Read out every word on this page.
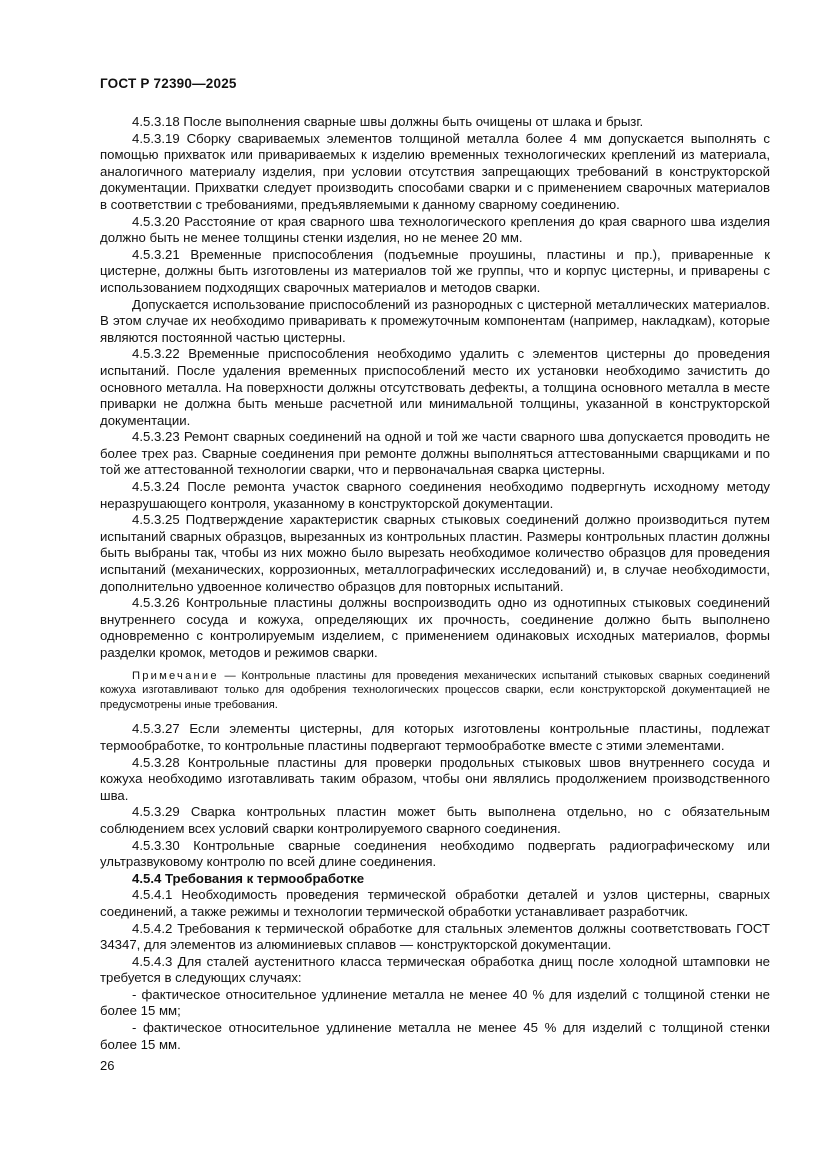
ГОСТ Р 72390—2025

4.5.3.18 После выполнения сварные швы должны быть очищены от шлака и брызг.

4.5.3.19 Сборку свариваемых элементов толщиной металла более 4 мм допускается выполнять с помощью прихваток или привариваемых к изделию временных технологических креплений из материала, аналогичного материалу изделия, при условии отсутствия запрещающих требований в конструкторской документации. Прихватки следует производить способами сварки и с применением сварочных материалов в соответствии с требованиями, предъявляемыми к данному сварному соединению.

4.5.3.20 Расстояние от края сварного шва технологического крепления до края сварного шва изделия должно быть не менее толщины стенки изделия, но не менее 20 мм.

4.5.3.21 Временные приспособления (подъемные проушины, пластины и пр.), приваренные к цистерне, должны быть изготовлены из материалов той же группы, что и корпус цистерны, и приварены с использованием подходящих сварочных материалов и методов сварки.

Допускается использование приспособлений из разнородных с цистерной металлических материалов. В этом случае их необходимо приваривать к промежуточным компонентам (например, накладкам), которые являются постоянной частью цистерны.

4.5.3.22 Временные приспособления необходимо удалить с элементов цистерны до проведения испытаний. После удаления временных приспособлений место их установки необходимо зачистить до основного металла. На поверхности должны отсутствовать дефекты, а толщина основного металла в месте приварки не должна быть меньше расчетной или минимальной толщины, указанной в конструкторской документации.

4.5.3.23 Ремонт сварных соединений на одной и той же части сварного шва допускается проводить не более трех раз. Сварные соединения при ремонте должны выполняться аттестованными сварщиками и по той же аттестованной технологии сварки, что и первоначальная сварка цистерны.

4.5.3.24 После ремонта участок сварного соединения необходимо подвергнуть исходному методу неразрушающего контроля, указанному в конструкторской документации.

4.5.3.25 Подтверждение характеристик сварных стыковых соединений должно производиться путем испытаний сварных образцов, вырезанных из контрольных пластин. Размеры контрольных пластин должны быть выбраны так, чтобы из них можно было вырезать необходимое количество образцов для проведения испытаний (механических, коррозионных, металлографических исследований) и, в случае необходимости, дополнительно удвоенное количество образцов для повторных испытаний.

4.5.3.26 Контрольные пластины должны воспроизводить одно из однотипных стыковых соединений внутреннего сосуда и кожуха, определяющих их прочность, соединение должно быть выполнено одновременно с контролируемым изделием, с применением одинаковых исходных материалов, формы разделки кромок, методов и режимов сварки.

Примечание — Контрольные пластины для проведения механических испытаний стыковых сварных соединений кожуха изготавливают только для одобрения технологических процессов сварки, если конструкторской документацией не предусмотрены иные требования.

4.5.3.27 Если элементы цистерны, для которых изготовлены контрольные пластины, подлежат термообработке, то контрольные пластины подвергают термообработке вместе с этими элементами.

4.5.3.28 Контрольные пластины для проверки продольных стыковых швов внутреннего сосуда и кожуха необходимо изготавливать таким образом, чтобы они являлись продолжением производственного шва.

4.5.3.29 Сварка контрольных пластин может быть выполнена отдельно, но с обязательным соблюдением всех условий сварки контролируемого сварного соединения.

4.5.3.30 Контрольные сварные соединения необходимо подвергать радиографическому или ультразвуковому контролю по всей длине соединения.

4.5.4 Требования к термообработке

4.5.4.1 Необходимость проведения термической обработки деталей и узлов цистерны, сварных соединений, а также режимы и технологии термической обработки устанавливает разработчик.

4.5.4.2 Требования к термической обработке для стальных элементов должны соответствовать ГОСТ 34347, для элементов из алюминиевых сплавов — конструкторской документации.

4.5.4.3 Для сталей аустенитного класса термическая обработка днищ после холодной штамповки не требуется в следующих случаях:

- фактическое относительное удлинение металла не менее 40 % для изделий с толщиной стенки не более 15 мм;

- фактическое относительное удлинение металла не менее 45 % для изделий с толщиной стенки более 15 мм.

26
